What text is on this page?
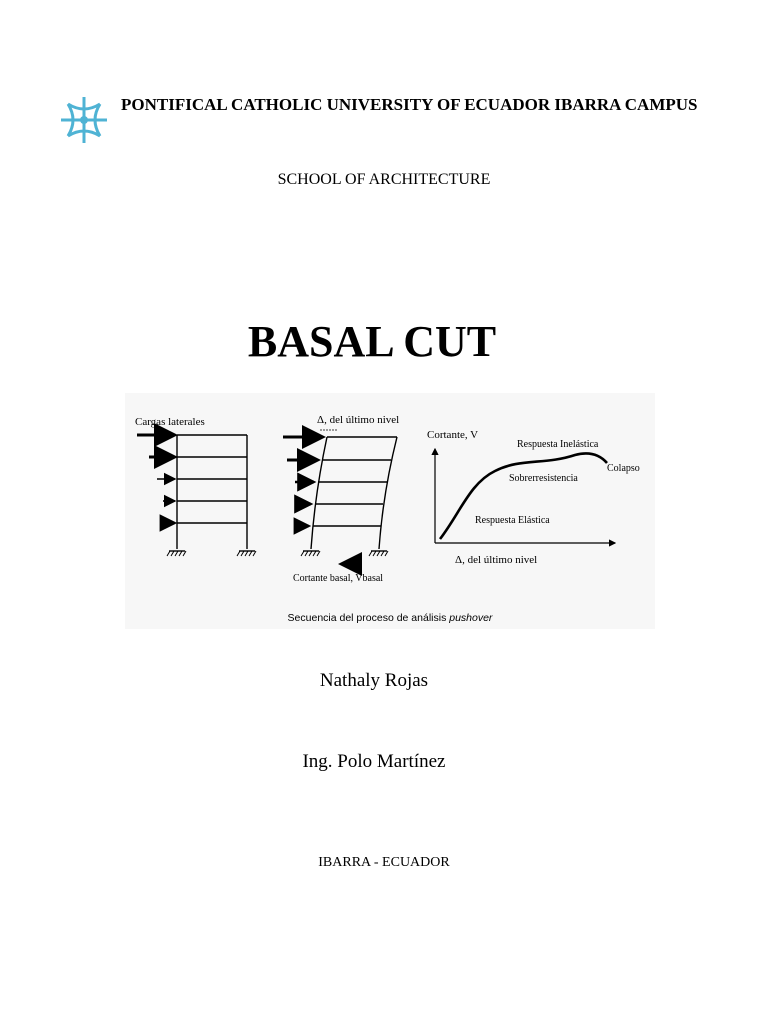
PONTIFICAL CATHOLIC UNIVERSITY OF ECUADOR IBARRA CAMPUS
SCHOOL OF ARCHITECTURE
BASAL CUT
Cargas laterales	Δ, del último nivel
Cortante basal, Vbasal
Cortante, V
Δ, del último nivel
Respuesta Inelástica
Sobrerresistencia
Colapso
Respuesta Elástica
Secuencia del proceso de análisis pushover
Nathaly Rojas
Ing. Polo Martínez
IBARRA - ECUADOR
